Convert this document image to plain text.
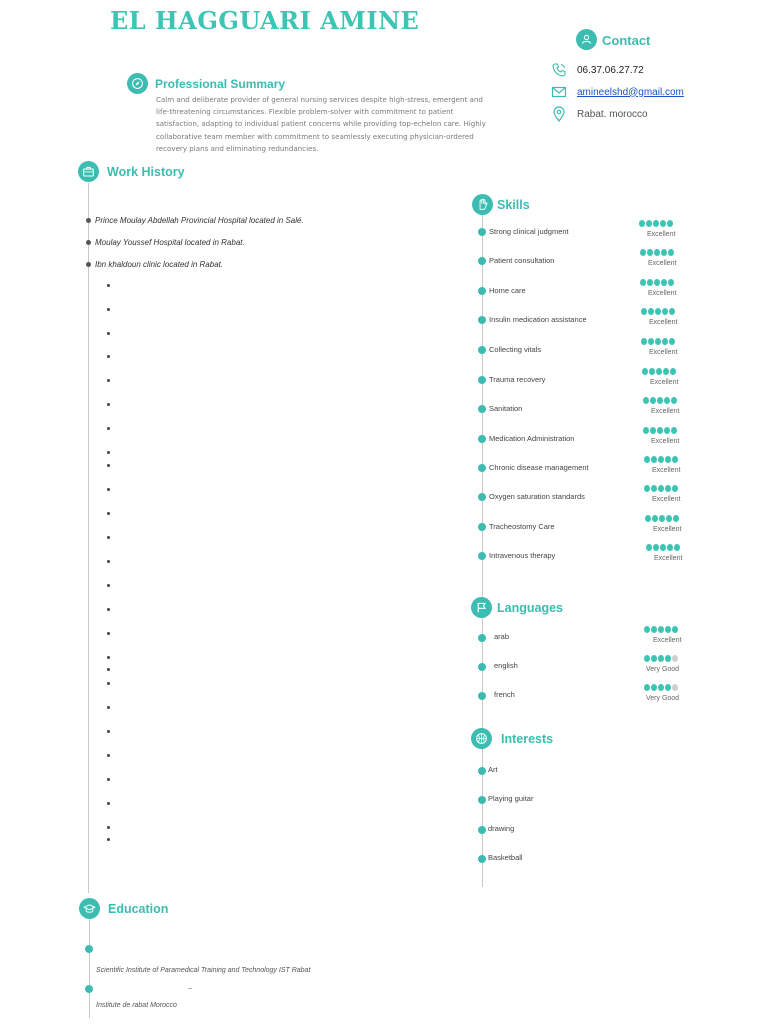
EL HAGGUARI AMINE
Contact
06.37.06.27.72
amineelshd@gmail.com
Rabat. morocco
Professional Summary
Calm and deliberate provider of general nursing services despite high-stress, emergent and life-threatening circumstances. Flexible problem-solver with commitment to patient satisfaction, adapting to individual patient concerns while providing top-echelon care. Highly collaborative team member with commitment to seamlessly executing physician-ordered recovery plans and eliminating redundancies.
Work History
Prince Moulay Abdellah Provincial Hospital located in Salé.
Moulay Youssef Hospital located in Rabat.
Ibn khaldoun clinic located in Rabat.
Skills
Strong clinical judgment	Excellent
Patient consultation	Excellent
Home care	Excellent
Insulin medication assistance	Excellent
Collecting vitals	Excellent
Trauma recovery	Excellent
Sanitation	Excellent
Medication Administration	Excellent
Chronic disease management	Excellent
Oxygen saturation standards	Excellent
Tracheostomy Care	Excellent
Intravenous therapy	Excellent
Languages
arab	Excellent
english	Very Good
french	Very Good
Interests
Art
Playing guitar
drawing
Basketball
Education
Scientific Institute of Paramedical Training and Technology IST Rabat
–
Institute de rabat Morocco
